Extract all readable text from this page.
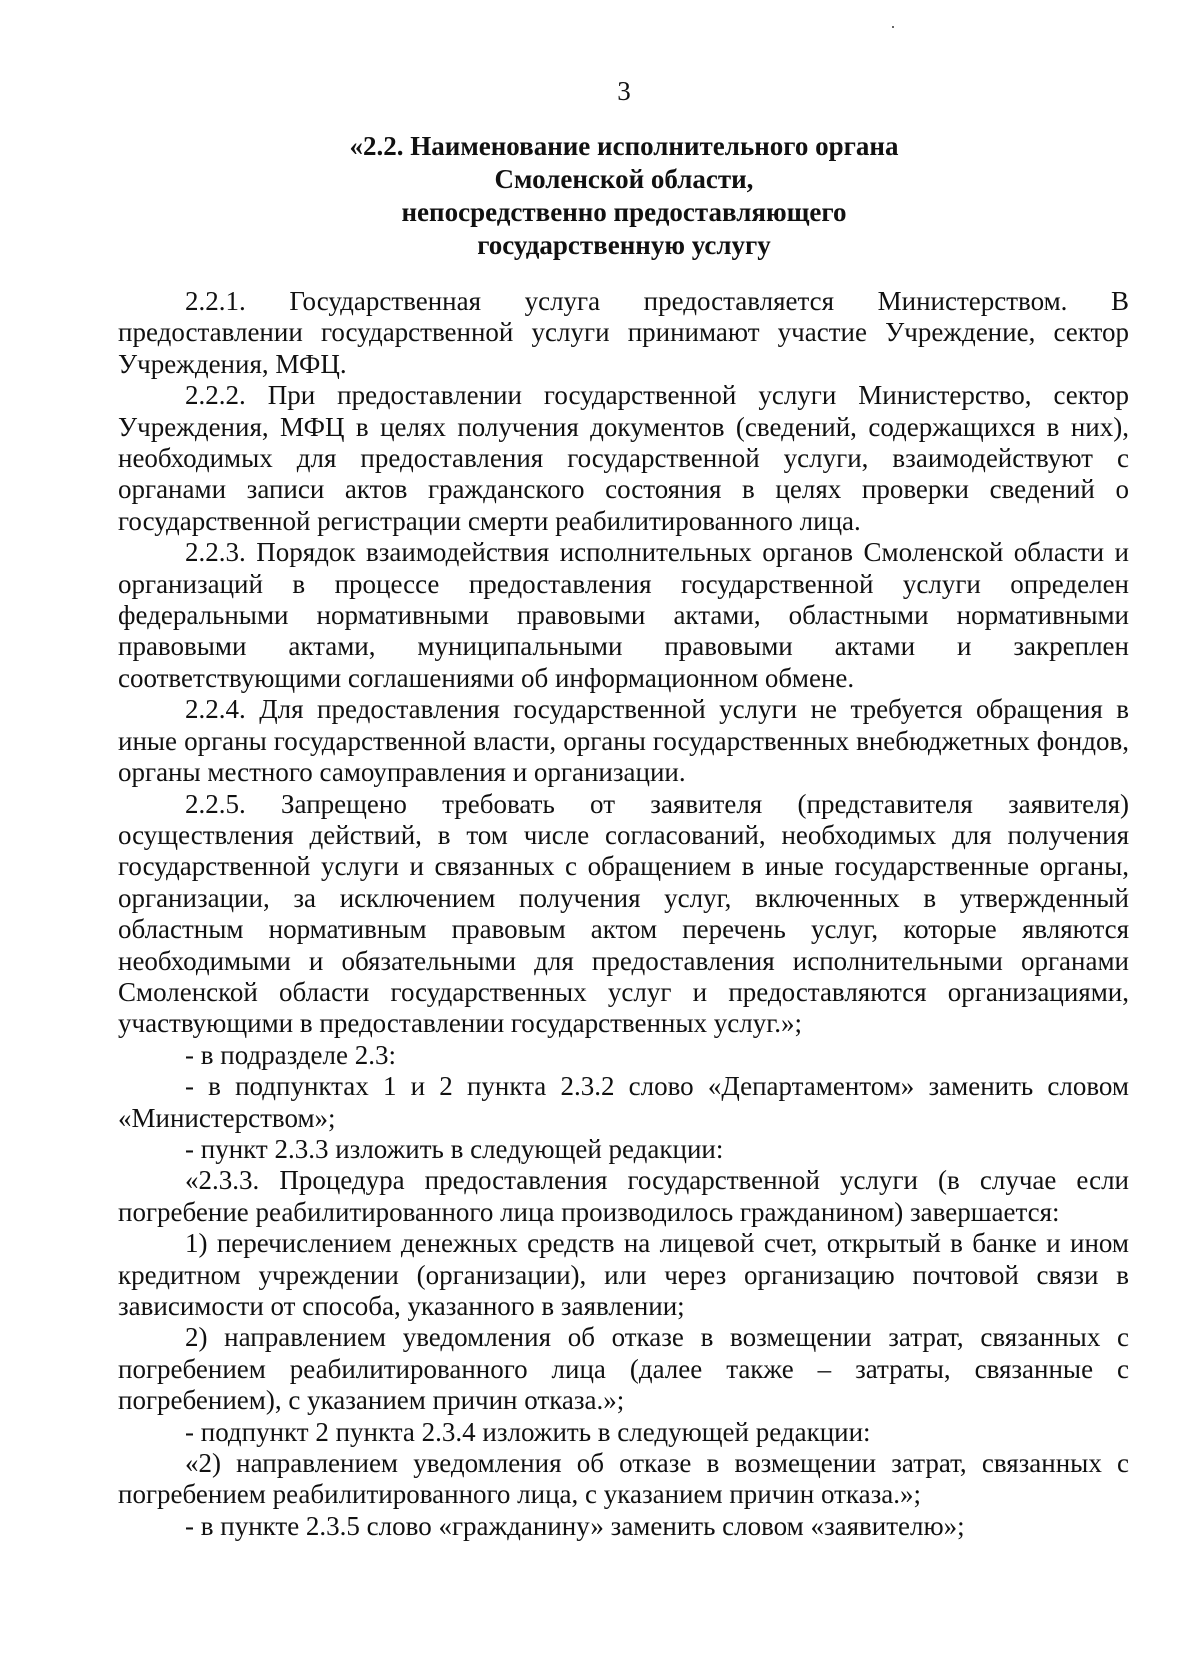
3
«2.2. Наименование исполнительного органа
Смоленской области,
непосредственно предоставляющего
государственную услугу

2.2.1. Государственная услуга предоставляется Министерством. В предоставлении государственной услуги принимают участие Учреждение, сектор Учреждения, МФЦ.

2.2.2. При предоставлении государственной услуги Министерство, сектор Учреждения, МФЦ в целях получения документов (сведений, содержащихся в них), необходимых для предоставления государственной услуги, взаимодействуют с органами записи актов гражданского состояния в целях проверки сведений о государственной регистрации смерти реабилитированного лица.

2.2.3. Порядок взаимодействия исполнительных органов Смоленской области и организаций в процессе предоставления государственной услуги определен федеральными нормативными правовыми актами, областными нормативными правовыми актами, муниципальными правовыми актами и закреплен соответствующими соглашениями об информационном обмене.

2.2.4. Для предоставления государственной услуги не требуется обращения в иные органы государственной власти, органы государственных внебюджетных фондов, органы местного самоуправления и организации.

2.2.5. Запрещено требовать от заявителя (представителя заявителя) осуществления действий, в том числе согласований, необходимых для получения государственной услуги и связанных с обращением в иные государственные органы, организации, за исключением получения услуг, включенных в утвержденный областным нормативным правовым актом перечень услуг, которые являются необходимыми и обязательными для предоставления исполнительными органами Смоленской области государственных услуг и предоставляются организациями, участвующими в предоставлении государственных услуг.»;

- в подразделе 2.3:

- в подпунктах 1 и 2 пункта 2.3.2 слово «Департаментом» заменить словом «Министерством»;

- пункт 2.3.3 изложить в следующей редакции:

«2.3.3. Процедура предоставления государственной услуги (в случае если погребение реабилитированного лица производилось гражданином) завершается:

1) перечислением денежных средств на лицевой счет, открытый в банке и ином кредитном учреждении (организации), или через организацию почтовой связи в зависимости от способа, указанного в заявлении;

2) направлением уведомления об отказе в возмещении затрат, связанных с погребением реабилитированного лица (далее также – затраты, связанные с погребением), с указанием причин отказа.»;

- подпункт 2 пункта 2.3.4 изложить в следующей редакции:

«2) направлением уведомления об отказе в возмещении затрат, связанных с погребением реабилитированного лица, с указанием причин отказа.»;

- в пункте 2.3.5 слово «гражданину» заменить словом «заявителю»;
